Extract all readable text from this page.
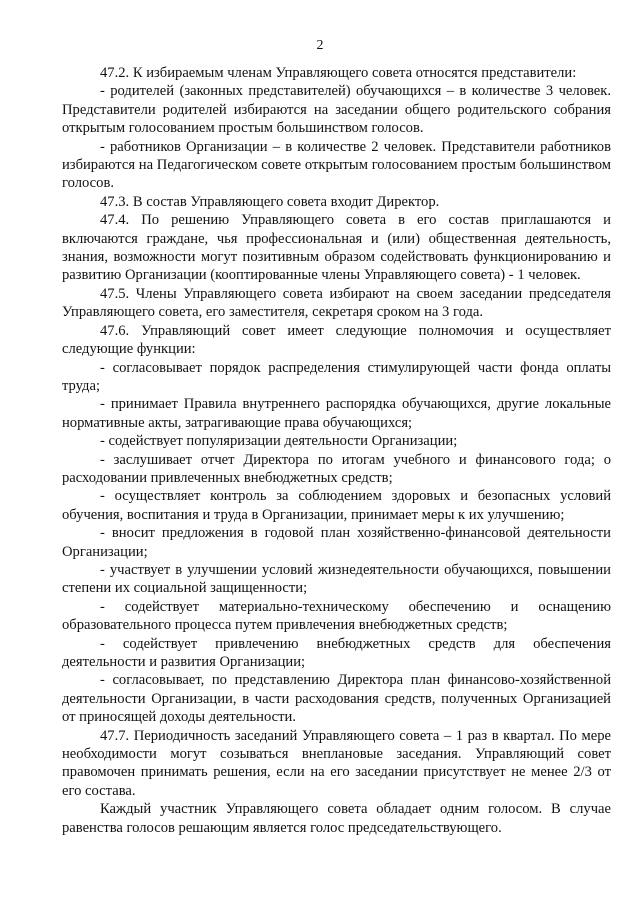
2

47.2. К избираемым членам Управляющего совета относятся представители:

- родителей (законных представителей) обучающихся – в количестве 3 человек. Представители родителей избираются на заседании общего родительского собрания открытым голосованием простым большинством голосов.

- работников Организации – в количестве 2 человек. Представители работников избираются на Педагогическом совете открытым голосованием простым большинством голосов.

47.3. В состав Управляющего совета входит Директор.

47.4. По решению Управляющего совета в его состав приглашаются и включаются граждане, чья профессиональная и (или) общественная деятельность, знания, возможности могут позитивным образом содействовать функционированию и развитию Организации (кооптированные члены Управляющего совета) - 1 человек.

47.5. Члены Управляющего совета избирают на своем заседании председателя Управляющего совета, его заместителя, секретаря сроком на 3 года.

47.6. Управляющий совет имеет следующие полномочия и осуществляет следующие функции:

- согласовывает порядок распределения стимулирующей части фонда оплаты труда;

- принимает Правила внутреннего распорядка обучающихся, другие локальные нормативные акты, затрагивающие права обучающихся;

- содействует популяризации деятельности Организации;

- заслушивает отчет Директора по итогам учебного и финансового года; о расходовании привлеченных внебюджетных средств;

- осуществляет контроль за соблюдением здоровых и безопасных условий обучения, воспитания и труда в Организации, принимает меры к их улучшению;

- вносит предложения в годовой план хозяйственно-финансовой деятельности Организации;

- участвует в улучшении условий жизнедеятельности обучающихся, повышении степени их социальной защищенности;

- содействует материально-техническому обеспечению и оснащению образовательного процесса путем привлечения внебюджетных средств;

- содействует привлечению внебюджетных средств для обеспечения деятельности и развития Организации;

- согласовывает, по представлению Директора план финансово-хозяйственной деятельности Организации, в части расходования средств, полученных Организацией от приносящей доходы деятельности.

47.7. Периодичность заседаний Управляющего совета – 1 раз в квартал. По мере необходимости могут созываться внеплановые заседания. Управляющий совет правомочен принимать решения, если на его заседании присутствует не менее 2/3 от его состава.

Каждый участник Управляющего совета обладает одним голосом. В случае равенства голосов решающим является голос председательствующего.
